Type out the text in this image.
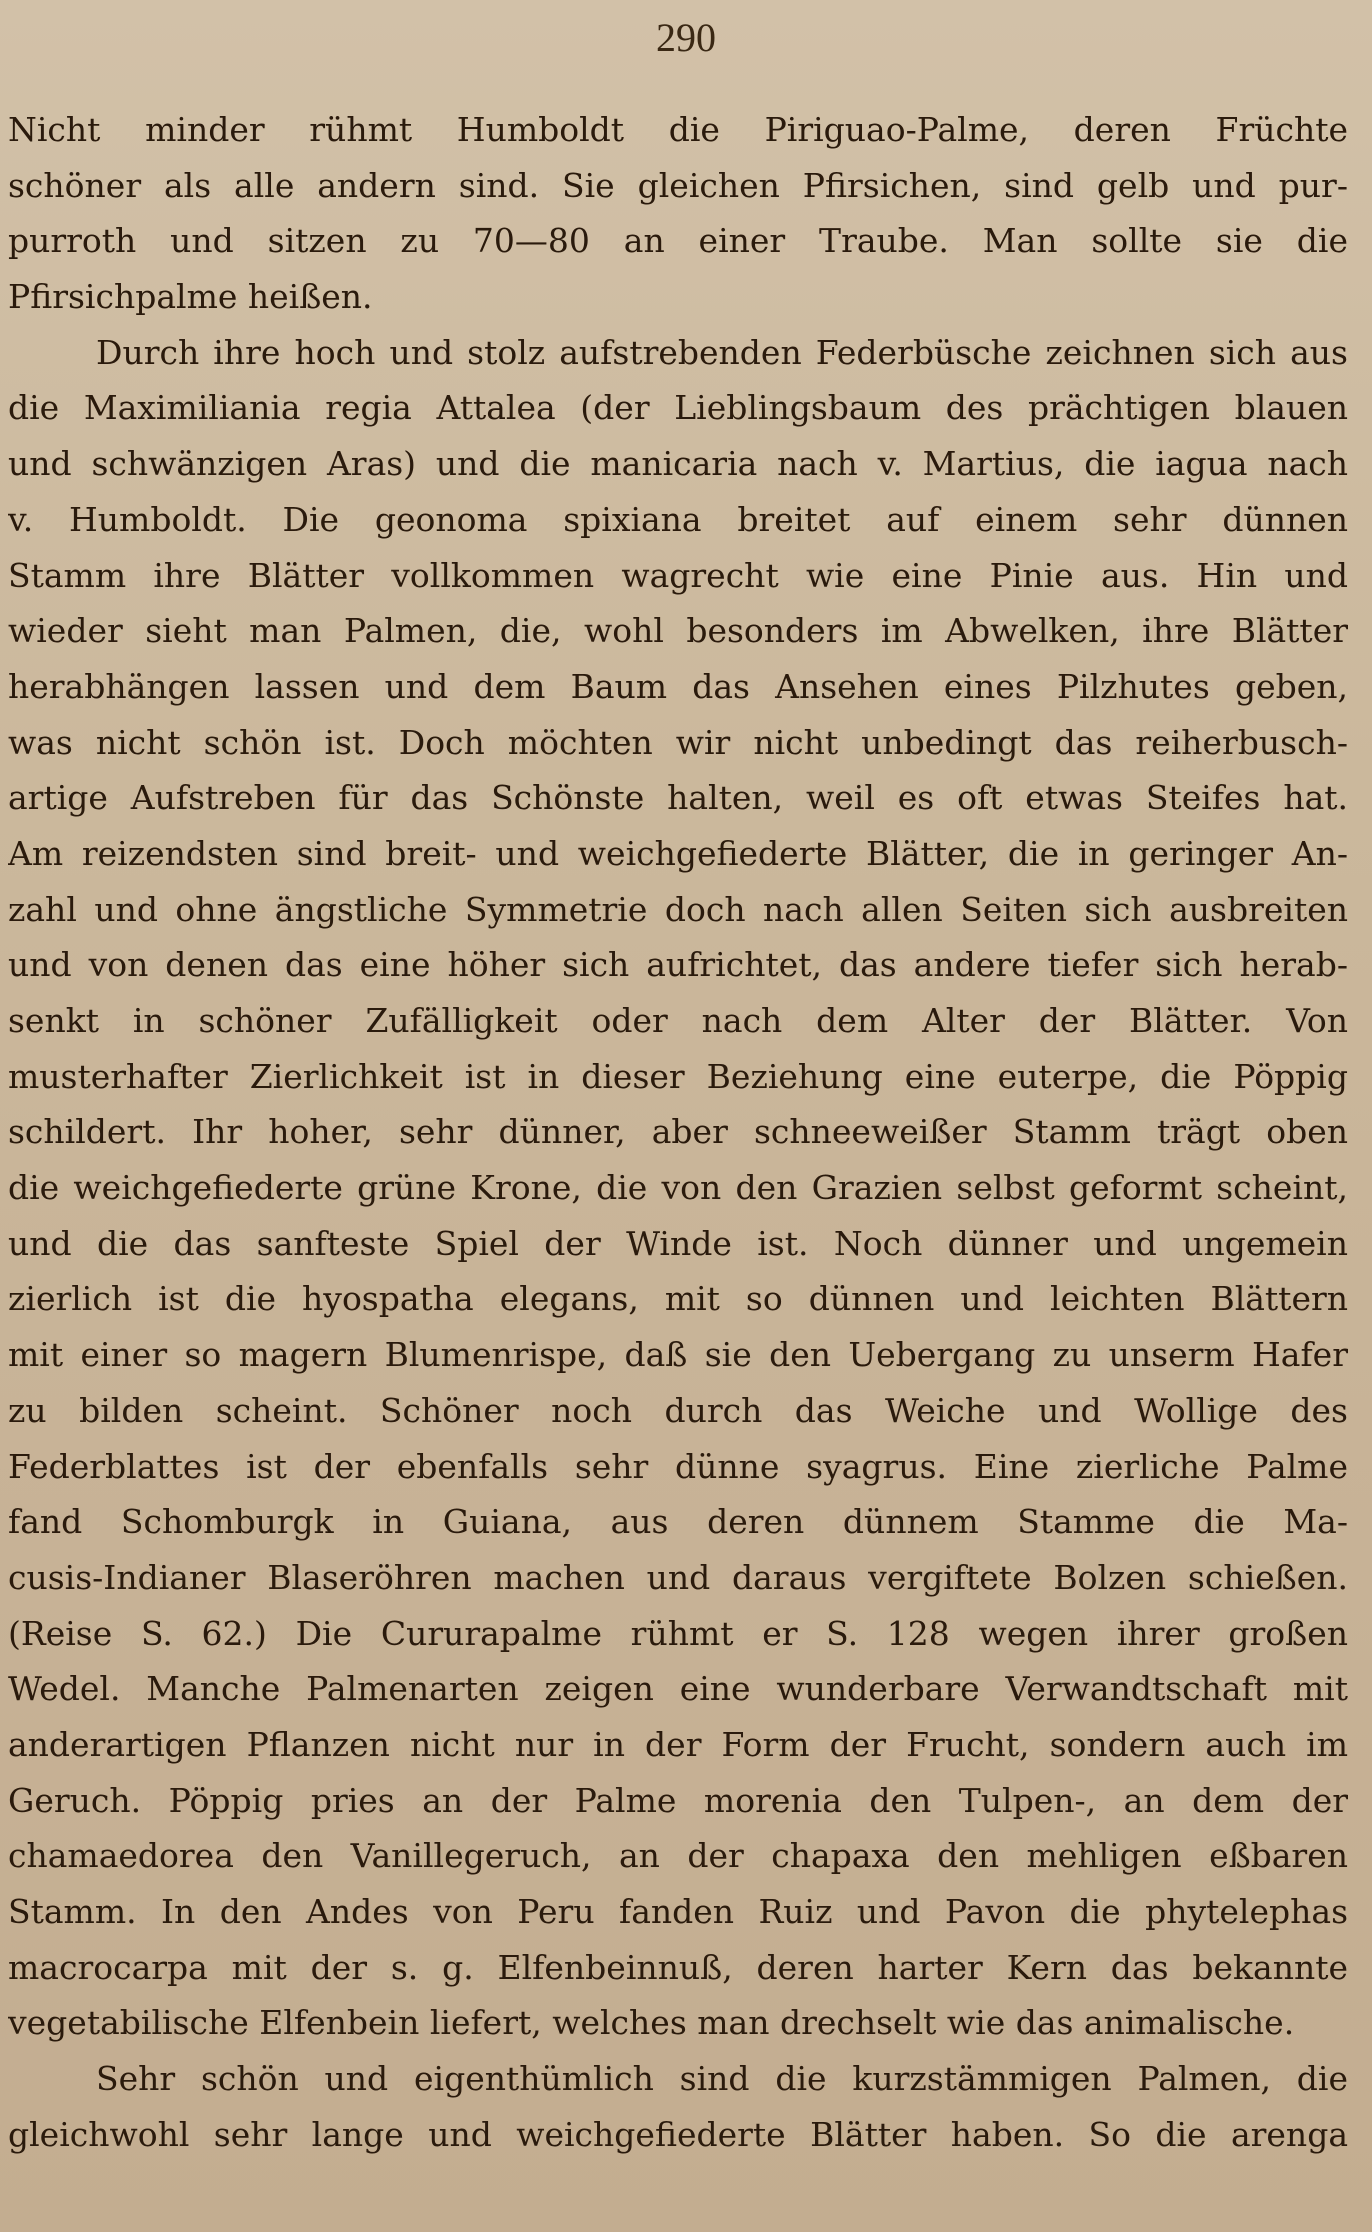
290
Nicht minder rühmt Humboldt die Piriguao-Palme, deren Früchte
schöner als alle andern sind. Sie gleichen Pfirsichen, sind gelb und pur-
purroth und sitzen zu 70—80 an einer Traube. Man sollte sie die
Pfirsichpalme heißen.
Durch ihre hoch und stolz aufstrebenden Federbüsche zeichnen sich aus
die Maximiliania regia Attalea (der Lieblingsbaum des prächtigen blauen
und schwänzigen Aras) und die manicaria nach v. Martius, die iagua nach
v. Humboldt. Die geonoma spixiana breitet auf einem sehr dünnen
Stamm ihre Blätter vollkommen wagrecht wie eine Pinie aus. Hin und
wieder sieht man Palmen, die, wohl besonders im Abwelken, ihre Blätter
herabhängen lassen und dem Baum das Ansehen eines Pilzhutes geben,
was nicht schön ist. Doch möchten wir nicht unbedingt das reiherbusch-
artige Aufstreben für das Schönste halten, weil es oft etwas Steifes hat.
Am reizendsten sind breit- und weichgefiederte Blätter, die in geringer An-
zahl und ohne ängstliche Symmetrie doch nach allen Seiten sich ausbreiten
und von denen das eine höher sich aufrichtet, das andere tiefer sich herab-
senkt in schöner Zufälligkeit oder nach dem Alter der Blätter. Von
musterhafter Zierlichkeit ist in dieser Beziehung eine euterpe, die Pöppig
schildert. Ihr hoher, sehr dünner, aber schneeweißer Stamm trägt oben
die weichgefiederte grüne Krone, die von den Grazien selbst geformt scheint,
und die das sanfteste Spiel der Winde ist. Noch dünner und ungemein
zierlich ist die hyospatha elegans, mit so dünnen und leichten Blättern
mit einer so magern Blumenrispe, daß sie den Uebergang zu unserm Hafer
zu bilden scheint. Schöner noch durch das Weiche und Wollige des
Federblattes ist der ebenfalls sehr dünne syagrus. Eine zierliche Palme
fand Schomburgk in Guiana, aus deren dünnem Stamme die Ma-
cusis-Indianer Blaseröhren machen und daraus vergiftete Bolzen schießen.
(Reise S. 62.) Die Cururapalme rühmt er S. 128 wegen ihrer großen
Wedel. Manche Palmenarten zeigen eine wunderbare Verwandtschaft mit
anderartigen Pflanzen nicht nur in der Form der Frucht, sondern auch im
Geruch. Pöppig pries an der Palme morenia den Tulpen-, an dem der
chamaedorea den Vanillegeruch, an der chapaxa den mehligen eßbaren
Stamm. In den Andes von Peru fanden Ruiz und Pavon die phytelephas
macrocarpa mit der s. g. Elfenbeinnuß, deren harter Kern das bekannte
vegetabilische Elfenbein liefert, welches man drechselt wie das animalische.
Sehr schön und eigenthümlich sind die kurzstämmigen Palmen, die
gleichwohl sehr lange und weichgefiederte Blätter haben. So die arenga
